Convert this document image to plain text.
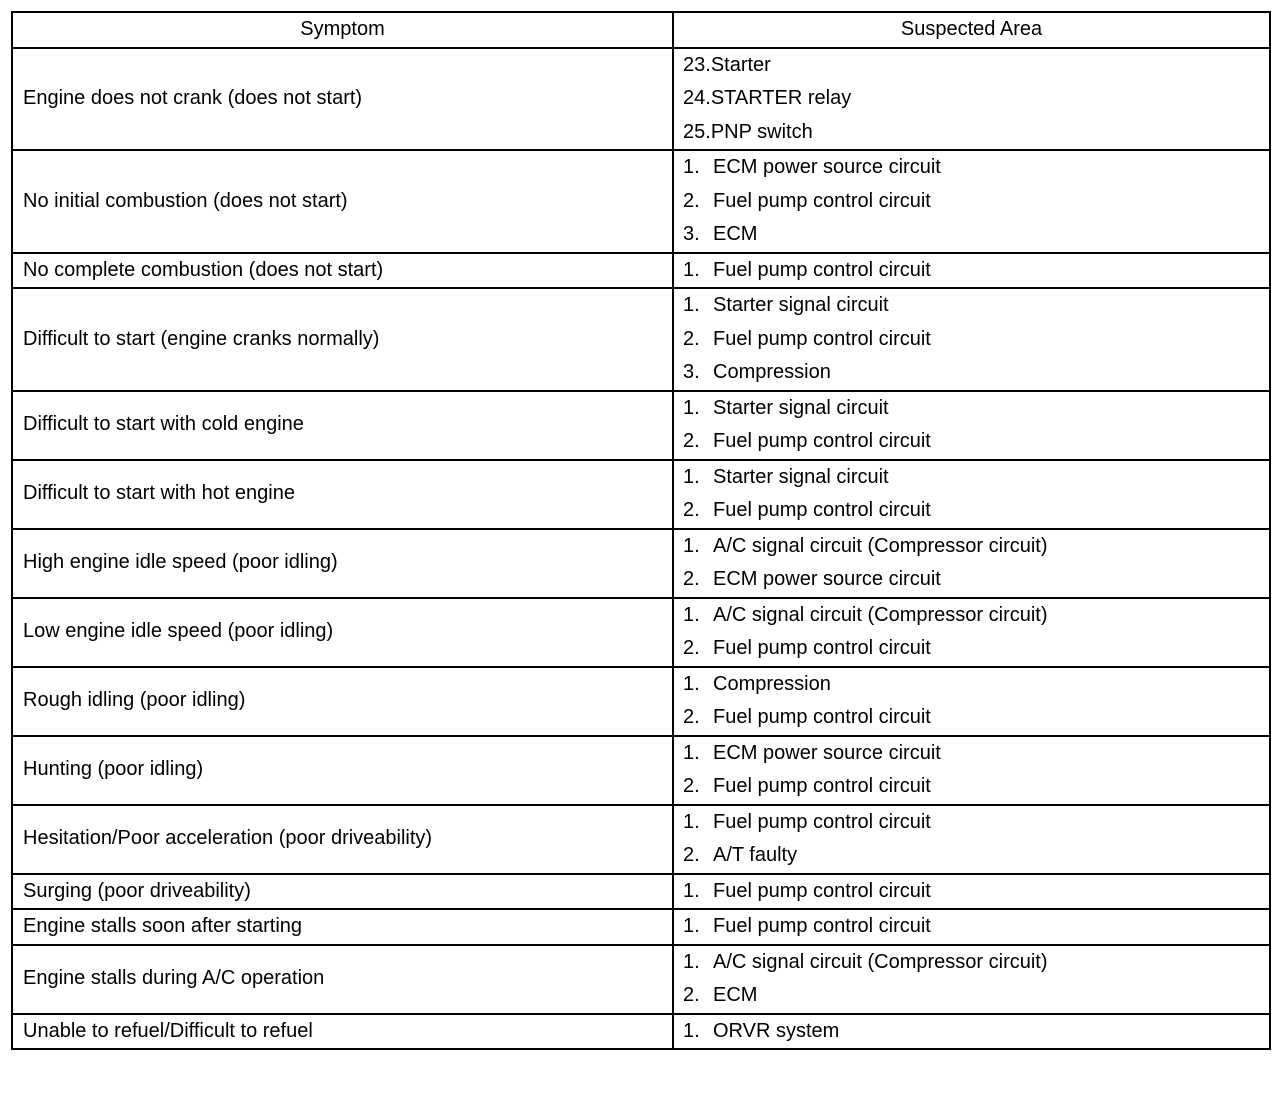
Symptom	Suspected Area
Engine does not crank (does not start)	23.Starter
24.STARTER relay
25.PNP switch

No initial combustion (does not start)	1. ECM power source circuit
2. Fuel pump control circuit
3. ECM

No complete combustion (does not start)	1. Fuel pump control circuit

Difficult to start (engine cranks normally)	1. Starter signal circuit
2. Fuel pump control circuit
3. Compression

Difficult to start with cold engine	1. Starter signal circuit
2. Fuel pump control circuit

Difficult to start with hot engine	1. Starter signal circuit
2. Fuel pump control circuit

High engine idle speed (poor idling)	1. A/C signal circuit (Compressor circuit)
2. ECM power source circuit

Low engine idle speed (poor idling)	1. A/C signal circuit (Compressor circuit)
2. Fuel pump control circuit

Rough idling (poor idling)	1. Compression
2. Fuel pump control circuit

Hunting (poor idling)	1. ECM power source circuit
2. Fuel pump control circuit

Hesitation/Poor acceleration (poor driveability)	1. Fuel pump control circuit
2. A/T faulty

Surging (poor driveability)	1. Fuel pump control circuit

Engine stalls soon after starting	1. Fuel pump control circuit

Engine stalls during A/C operation	1. A/C signal circuit (Compressor circuit)
2. ECM

Unable to refuel/Difficult to refuel	1. ORVR system
